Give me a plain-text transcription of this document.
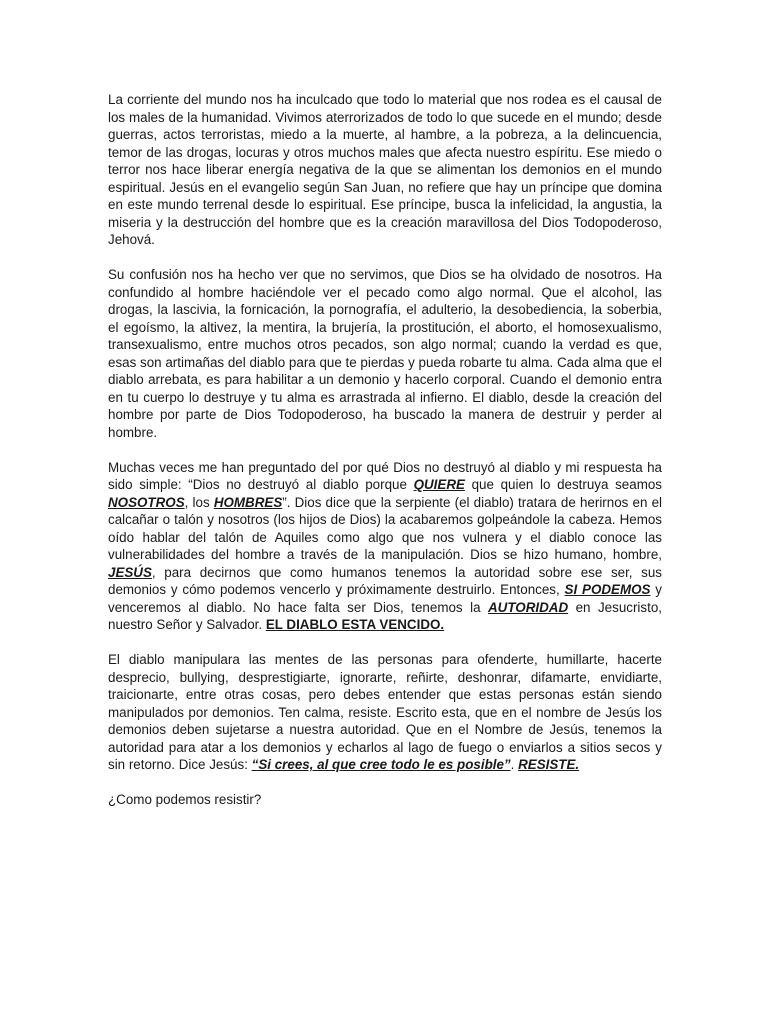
La corriente del mundo nos ha inculcado que todo lo material que nos rodea es el causal de los males de la humanidad. Vivimos aterrorizados de todo lo que sucede en el mundo; desde guerras, actos terroristas, miedo a la muerte, al hambre, a la pobreza, a la delincuencia, temor de las drogas, locuras y otros muchos males que afecta nuestro espíritu. Ese miedo o terror nos hace liberar energía negativa de la que se alimentan los demonios en el mundo espiritual. Jesús en el evangelio según San Juan, no refiere que hay un príncipe que domina en este mundo terrenal desde lo espiritual. Ese príncipe, busca la infelicidad, la angustia, la miseria y la destrucción del hombre que es la creación maravillosa del Dios Todopoderoso, Jehová.

Su confusión nos ha hecho ver que no servimos, que Dios se ha olvidado de nosotros. Ha confundido al hombre haciéndole ver el pecado como algo normal. Que el alcohol, las drogas, la lascivia, la fornicación, la pornografía, el adulterio, la desobediencia, la soberbia, el egoísmo, la altivez, la mentira, la brujería, la prostitución, el aborto, el homosexualismo, transexualismo, entre muchos otros pecados, son algo normal; cuando la verdad es que, esas son artimañas del diablo para que te pierdas y pueda robarte tu alma. Cada alma que el diablo arrebata, es para habilitar a un demonio y hacerlo corporal. Cuando el demonio entra en tu cuerpo lo destruye y tu alma es arrastrada al infierno. El diablo, desde la creación del hombre por parte de Dios Todopoderoso, ha buscado la manera de destruir y perder al hombre.

Muchas veces me han preguntado del por qué Dios no destruyó al diablo y mi respuesta ha sido simple: “Dios no destruyó al diablo porque QUIERE que quien lo destruya seamos NOSOTROS, los HOMBRES”. Dios dice que la serpiente (el diablo) tratara de herirnos en el calcañar o talón y nosotros (los hijos de Dios) la acabaremos golpeándole la cabeza. Hemos oído hablar del talón de Aquiles como algo que nos vulnera y el diablo conoce las vulnerabilidades del hombre a través de la manipulación. Dios se hizo humano, hombre, JESÚS, para decirnos que como humanos tenemos la autoridad sobre ese ser, sus demonios y cómo podemos vencerlo y próximamente destruirlo. Entonces, SI PODEMOS y venceremos al diablo. No hace falta ser Dios, tenemos la AUTORIDAD en Jesucristo, nuestro Señor y Salvador. EL DIABLO ESTA VENCIDO.

El diablo manipulara las mentes de las personas para ofenderte, humillarte, hacerte desprecio, bullying, desprestigiarte, ignorarte, reñirte, deshonrar, difamarte, envidiarte, traicionarte, entre otras cosas, pero debes entender que estas personas están siendo manipulados por demonios. Ten calma, resiste. Escrito esta, que en el nombre de Jesús los demonios deben sujetarse a nuestra autoridad. Que en el Nombre de Jesús, tenemos la autoridad para atar a los demonios y echarlos al lago de fuego o enviarlos a sitios secos y sin retorno. Dice Jesús: “Si crees, al que cree todo le es posible”. RESISTE.

¿Como podemos resistir?
